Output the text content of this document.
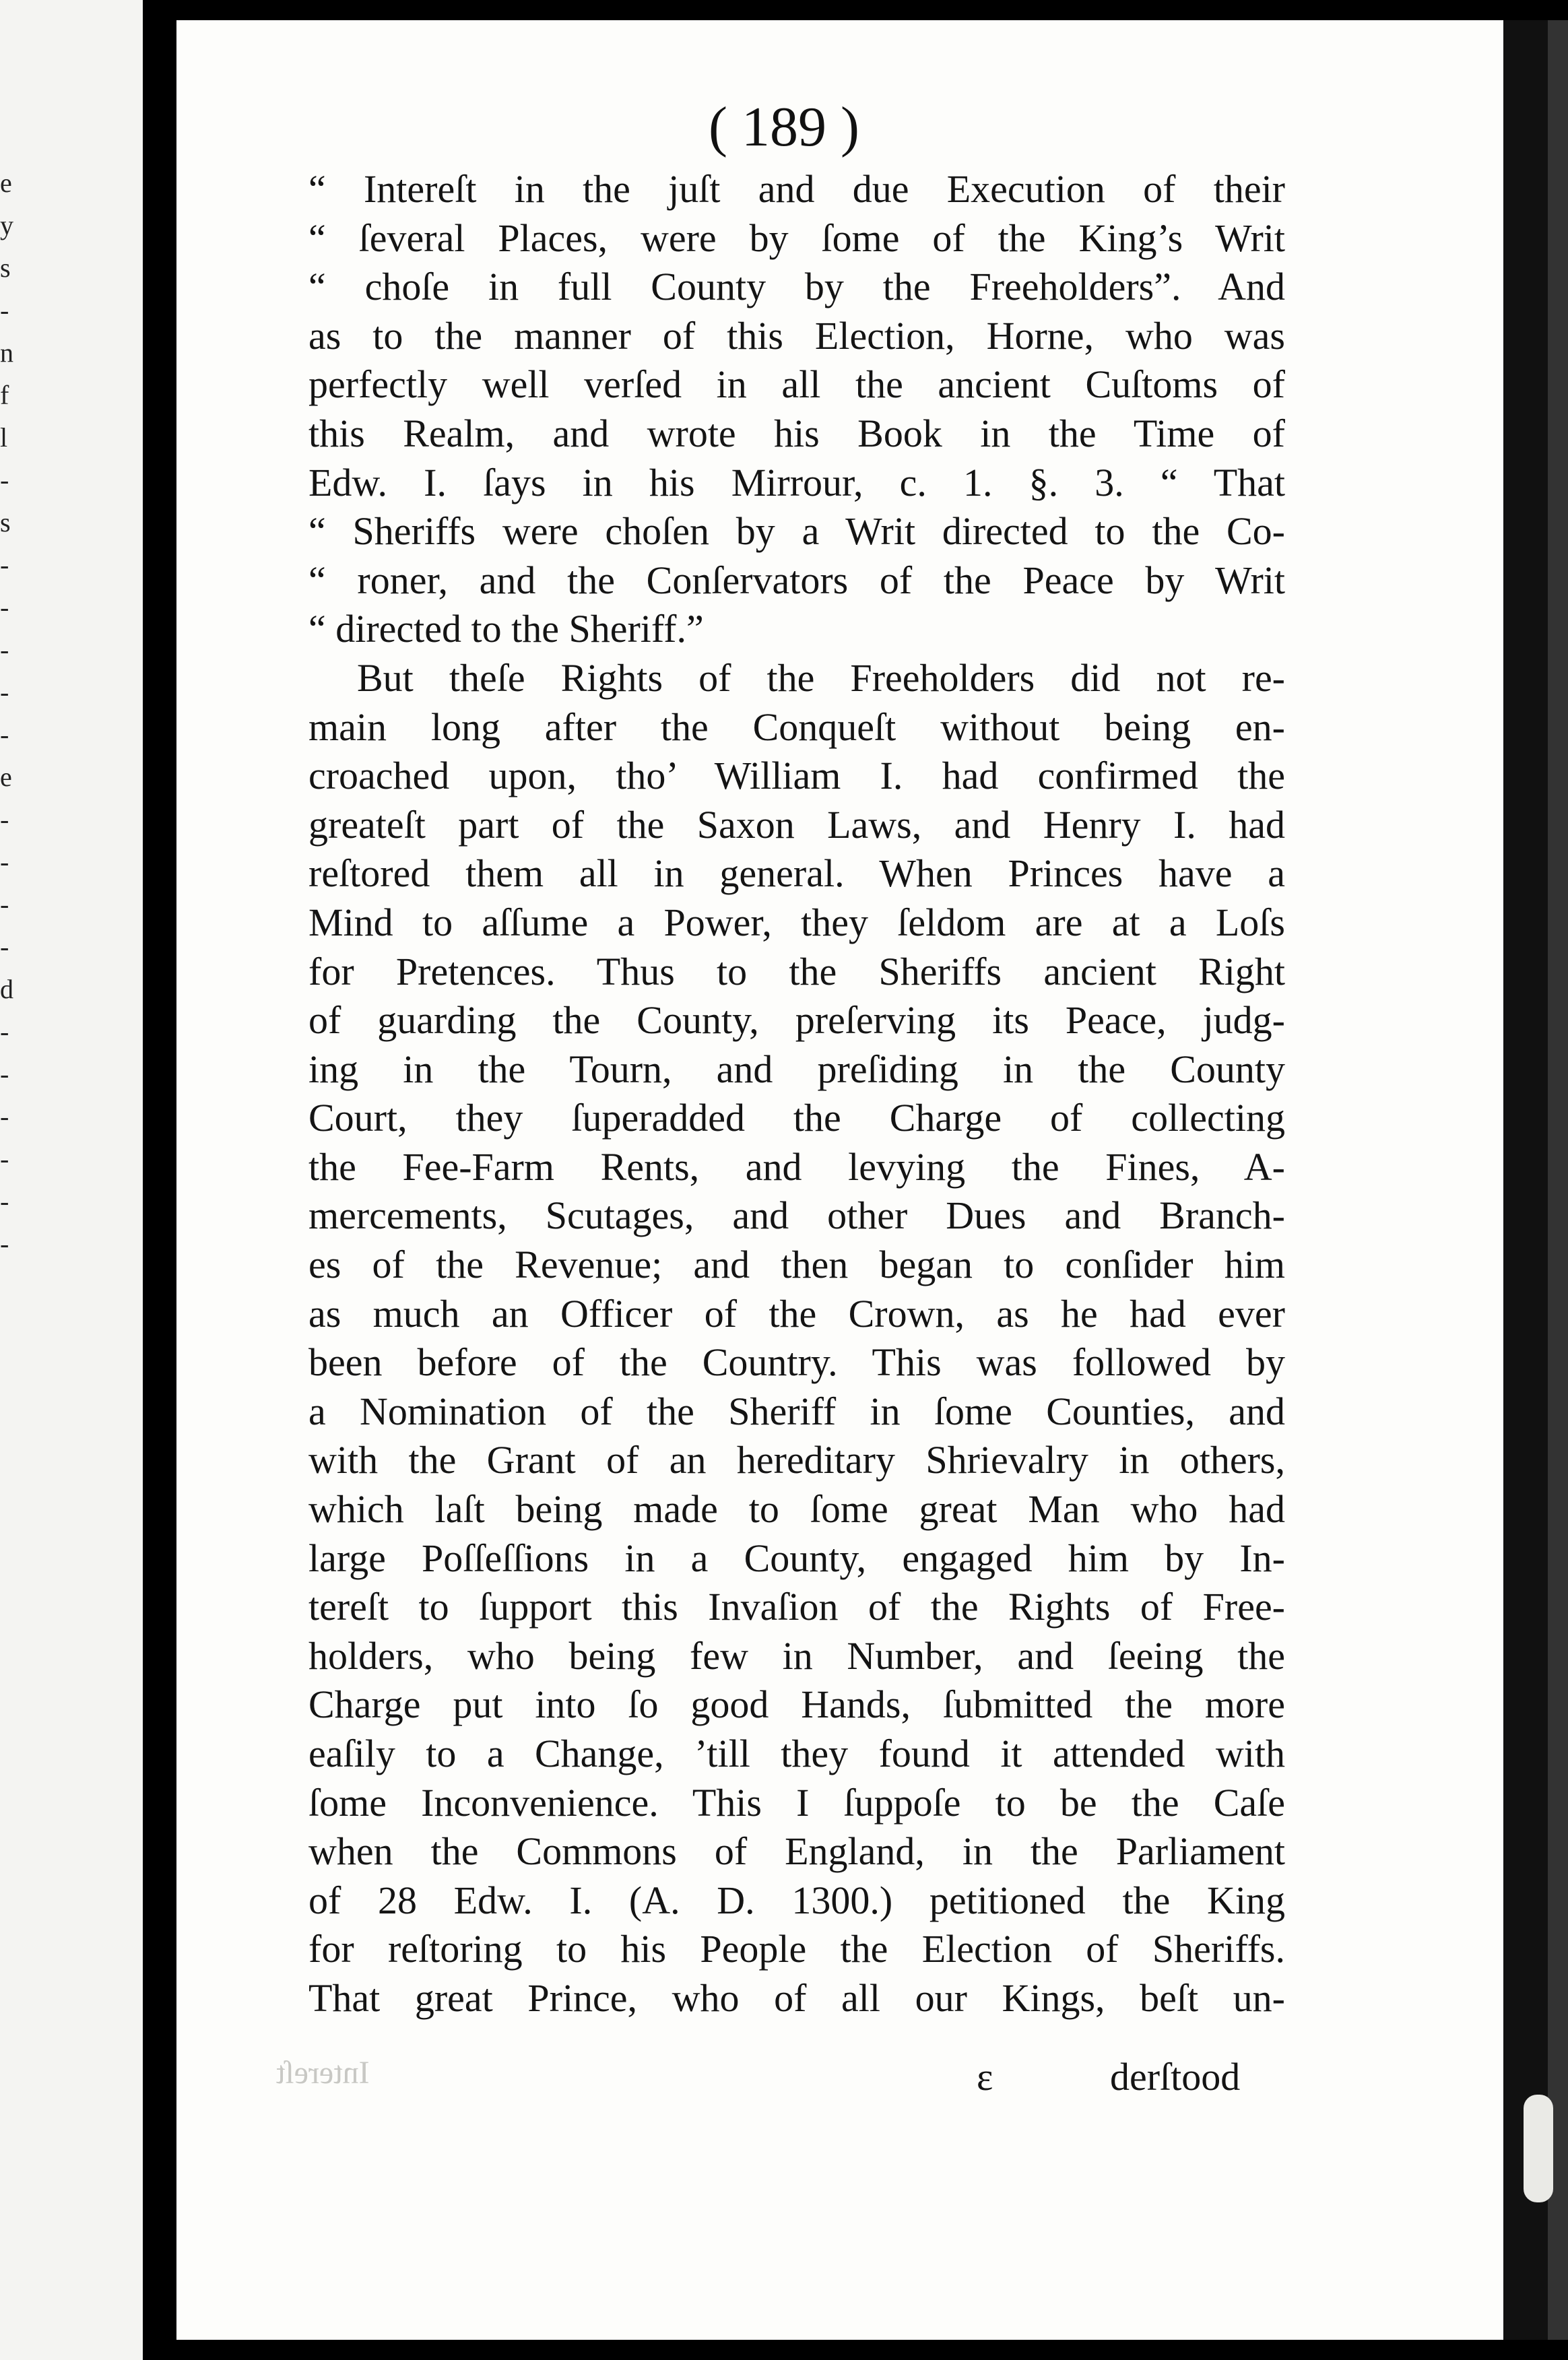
e
y
s
-
n
f
l
-
s
-
-
-
-
-
e
-
-
-
-
d
-
-
-
-
-
-
( 189 )
“ Intereſt in the juſt and due Execution of their
“ ſeveral Places, were by ſome of the King’s Writ
“ choſe in full County by the Freeholders”. And
as to the manner of this Election, Horne, who was
perfectly well verſed in all the ancient Cuſtoms of
this Realm, and wrote his Book in the Time of
Edw. I. ſays in his Mirrour, c. 1. §. 3. “ That
“ Sheriffs were choſen by a Writ directed to the Co-
“ roner, and the Conſervators of the Peace by Writ
“ directed to the Sheriff.”
But theſe Rights of the Freeholders did not re-
main long after the Conqueſt without being en-
croached upon, tho’ William I. had confirmed the
greateſt part of the Saxon Laws, and Henry I. had
reſtored them all in general. When Princes have a
Mind to aſſume a Power, they ſeldom are at a Loſs
for Pretences. Thus to the Sheriffs ancient Right
of guarding the County, preſerving its Peace, judg-
ing in the Tourn, and preſiding in the County
Court, they ſuperadded the Charge of collecting
the Fee-Farm Rents, and levying the Fines, A-
mercements, Scutages, and other Dues and Branch-
es of the Revenue; and then began to conſider him
as much an Officer of the Crown, as he had ever
been before of the Country. This was followed by
a Nomination of the Sheriff in ſome Counties, and
with the Grant of an hereditary Shrievalry in others,
which laſt being made to ſome great Man who had
large Poſſeſſions in a County, engaged him by In-
tereſt to ſupport this Invaſion of the Rights of Free-
holders, who being few in Number, and ſeeing the
Charge put into ſo good Hands, ſubmitted the more
eaſily to a Change, ’till they found it attended with
ſome Inconvenience. This I ſuppoſe to be the Caſe
when the Commons of England, in the Parliament
of 28 Edw. I. (A. D. 1300.) petitioned the King
for reſtoring to his People the Election of Sheriffs.
That great Prince, who of all our Kings, beſt un-
Intereſt	ε	derſtood
